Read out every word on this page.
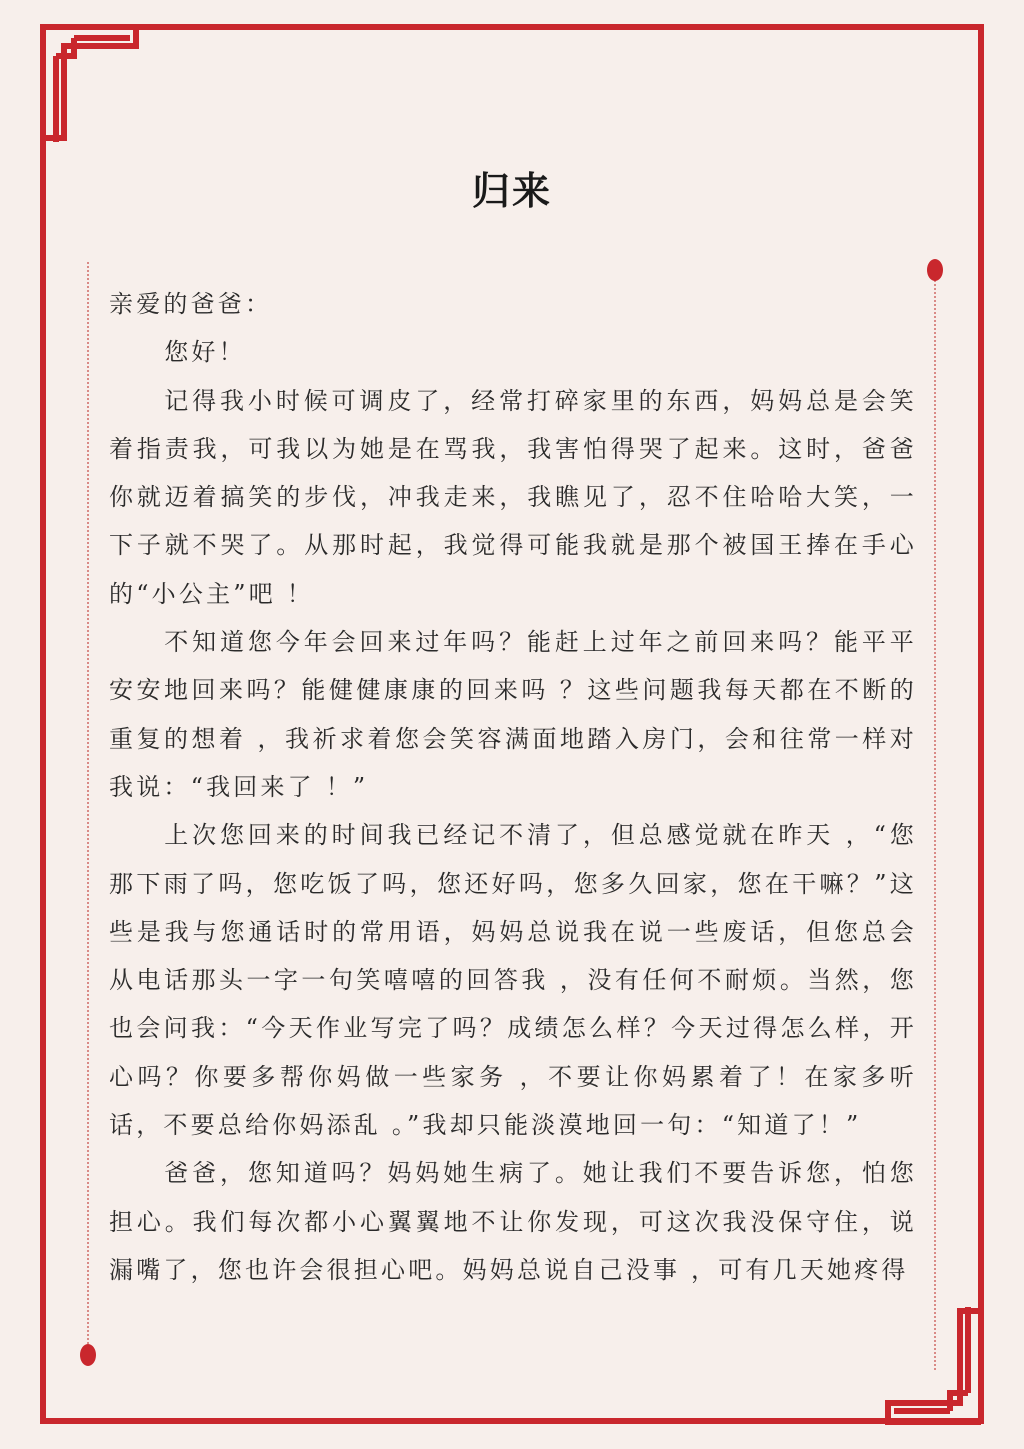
归来

亲爱的爸爸：

您好！

记得我小时候可调皮了，经常打碎家里的东西，妈妈总是会笑着指责我，可我以为她是在骂我，我害怕得哭了起来。这时，爸爸你就迈着搞笑的步伐，冲我走来，我瞧见了，忍不住哈哈大笑，一下子就不哭了。从那时起，我觉得可能我就是那个被国王捧在手心的“小公主”吧 ！

不知道您今年会回来过年吗？能赶上过年之前回来吗？能平平安安地回来吗？能健健康康的回来吗 ？这些问题我每天都在不断的重复的想着 ，我祈求着您会笑容满面地踏入房门，会和往常一样对我说：“我回来了 ！”

上次您回来的时间我已经记不清了，但总感觉就在昨天 ，“您那下雨了吗，您吃饭了吗，您还好吗，您多久回家，您在干嘛？”这些是我与您通话时的常用语，妈妈总说我在说一些废话，但您总会从电话那头一字一句笑嘻嘻的回答我 ，没有任何不耐烦。当然，您也会问我：“今天作业写完了吗？成绩怎么样？今天过得怎么样，开心吗？你要多帮你妈做一些家务 ，不要让你妈累着了！在家多听话，不要总给你妈添乱 。”我却只能淡漠地回一句：“知道了！”

爸爸，您知道吗？妈妈她生病了。她让我们不要告诉您，怕您担心。我们每次都小心翼翼地不让你发现，可这次我没保守住，说漏嘴了，您也许会很担心吧。妈妈总说自己没事 ，可有几天她疼得
